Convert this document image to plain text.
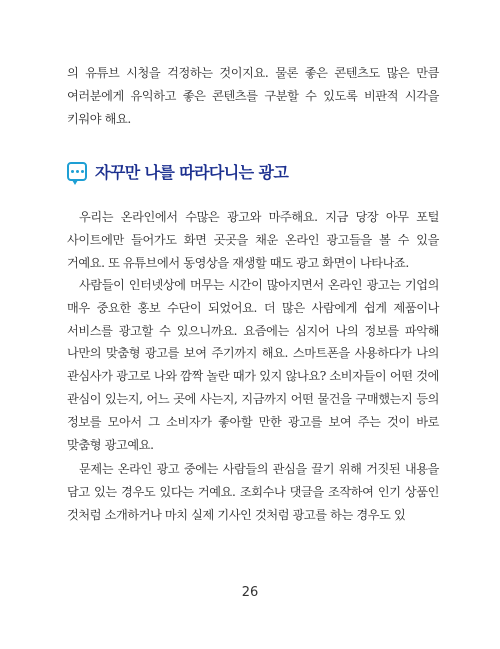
의 유튜브 시청을 걱정하는 것이지요. 물론 좋은 콘텐츠도 많은 만큼 여러분에게 유익하고 좋은 콘텐츠를 구분할 수 있도록 비판적 시각을 키워야 해요.

자꾸만 나를 따라다니는 광고

우리는 온라인에서 수많은 광고와 마주해요. 지금 당장 아무 포털 사이트에만 들어가도 화면 곳곳을 채운 온라인 광고들을 볼 수 있을 거예요. 또 유튜브에서 동영상을 재생할 때도 광고 화면이 나타나죠.

사람들이 인터넷상에 머무는 시간이 많아지면서 온라인 광고는 기업의 매우 중요한 홍보 수단이 되었어요. 더 많은 사람에게 쉽게 제품이나 서비스를 광고할 수 있으니까요. 요즘에는 심지어 나의 정보를 파악해 나만의 맞춤형 광고를 보여 주기까지 해요. 스마트폰을 사용하다가 나의 관심사가 광고로 나와 깜짝 놀란 때가 있지 않나요? 소비자들이 어떤 것에 관심이 있는지, 어느 곳에 사는지, 지금까지 어떤 물건을 구매했는지 등의 정보를 모아서 그 소비자가 좋아할 만한 광고를 보여 주는 것이 바로 맞춤형 광고예요.

문제는 온라인 광고 중에는 사람들의 관심을 끌기 위해 거짓된 내용을 담고 있는 경우도 있다는 거예요. 조회수나 댓글을 조작하여 인기 상품인 것처럼 소개하거나 마치 실제 기사인 것처럼 광고를 하는 경우도 있

26
